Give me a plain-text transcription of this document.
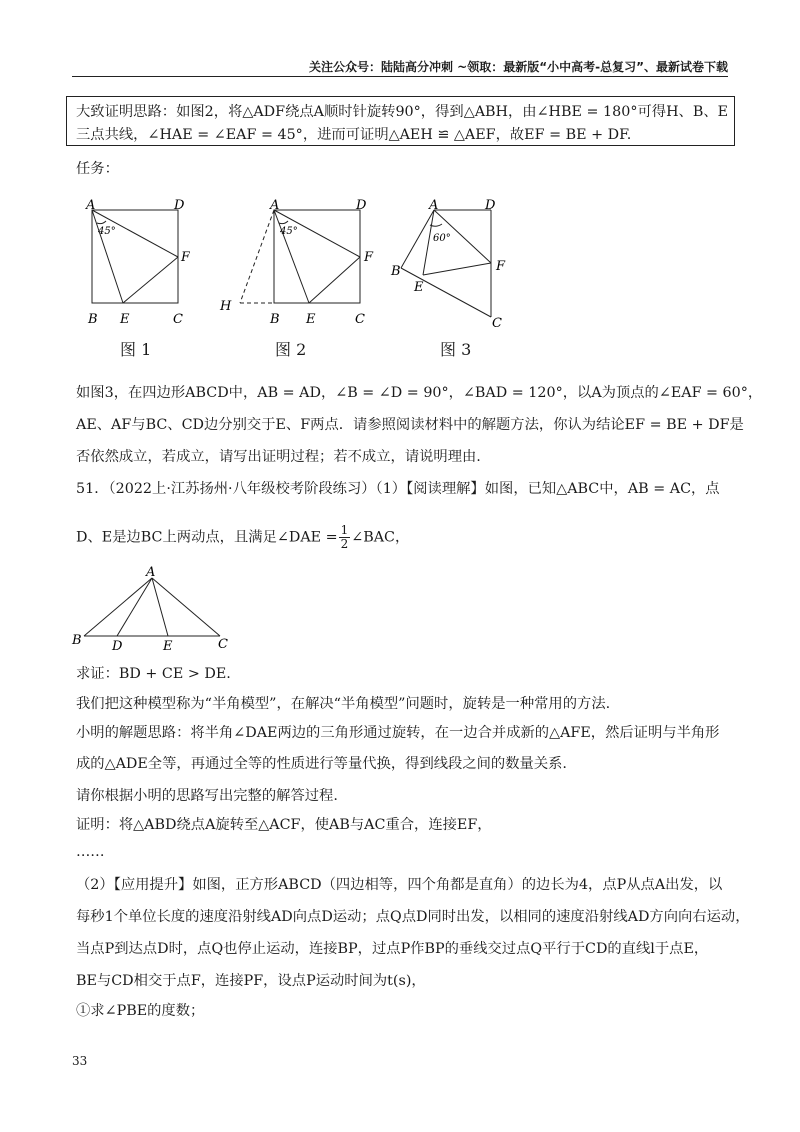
关注公众号：陆陆高分冲刺 ~领取：最新版“小中高考-总复习”、最新试卷下载
大致证明思路：如图2，将△ADF绕点A顺时针旋转90°，得到△ABH，由∠HBE = 180°可得H、B、E
三点共线，∠HAE = ∠EAF = 45°，进而可证明△AEH ≌ △AEF，故EF = BE + DF.
任务：
A	D
B E	C
F
45°
图 1
A	D
H
B E	C
F
45°
图 2
A	D
B
E
F
C
60°
图 3
如图3，在四边形ABCD中，AB = AD，∠B = ∠D = 90°，∠BAD = 120°，以A为顶点的∠EAF = 60°，
AE、AF与BC、CD边分别交于E、F两点．请参照阅读材料中的解题方法，你认为结论EF = BE + DF是
否依然成立，若成立，请写出证明过程；若不成立，请说明理由.
51．（2022上·江苏扬州·八年级校考阶段练习）（1）【阅读理解】如图，已知△ABC中，AB = AC，点
D、E是边BC上两动点，且满足∠DAE = $\frac{1}{2}$ ∠BAC，
A
B D	E	C
求证：BD + CE > DE.
我们把这种模型称为“半角模型”，在解决“半角模型”问题时，旋转是一种常用的方法.
小明的解题思路：将半角∠DAE两边的三角形通过旋转，在一边合并成新的△AFE，然后证明与半角形
成的△ADE全等，再通过全等的性质进行等量代换，得到线段之间的数量关系.
请你根据小明的思路写出完整的解答过程.
证明：将△ABD绕点A旋转至△ACF，使AB与AC重合，连接EF，
……
（2）【应用提升】如图，正方形ABCD（四边相等，四个角都是直角）的边长为4，点P从点A出发，以
每秒1个单位长度的速度沿射线AD向点D运动；点Q点D同时出发，以相同的速度沿射线AD方向向右运动，
当点P到达点D时，点Q也停止运动，连接BP，过点P作BP的垂线交过点Q平行于CD的直线l于点E，
BE与CD相交于点F，连接PF，设点P运动时间为t(s)，
①求∠PBE的度数；
33
